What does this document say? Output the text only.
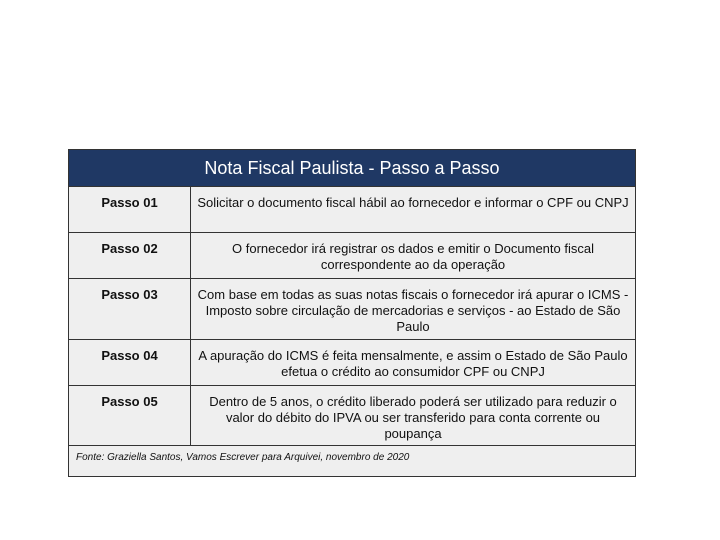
Nota Fiscal Paulista - Passo a Passo
Passo 01	Solicitar o documento fiscal hábil ao fornecedor e informar o CPF ou CNPJ
Passo 02	O fornecedor irá registrar os dados e emitir o Documento fiscal correspondente ao da operação
Passo 03	Com base em todas as suas notas fiscais o fornecedor irá apurar o ICMS - Imposto sobre circulação de mercadorias e serviços - ao Estado de São Paulo
Passo 04	A apuração do ICMS é feita mensalmente, e assim o Estado de São Paulo efetua o crédito ao consumidor CPF ou CNPJ
Passo 05	Dentro de 5 anos, o crédito liberado poderá ser utilizado para reduzir o valor do débito do IPVA ou ser transferido para conta corrente ou poupança
Fonte: Graziella Santos, Vamos Escrever para Arquivei, novembro de 2020
